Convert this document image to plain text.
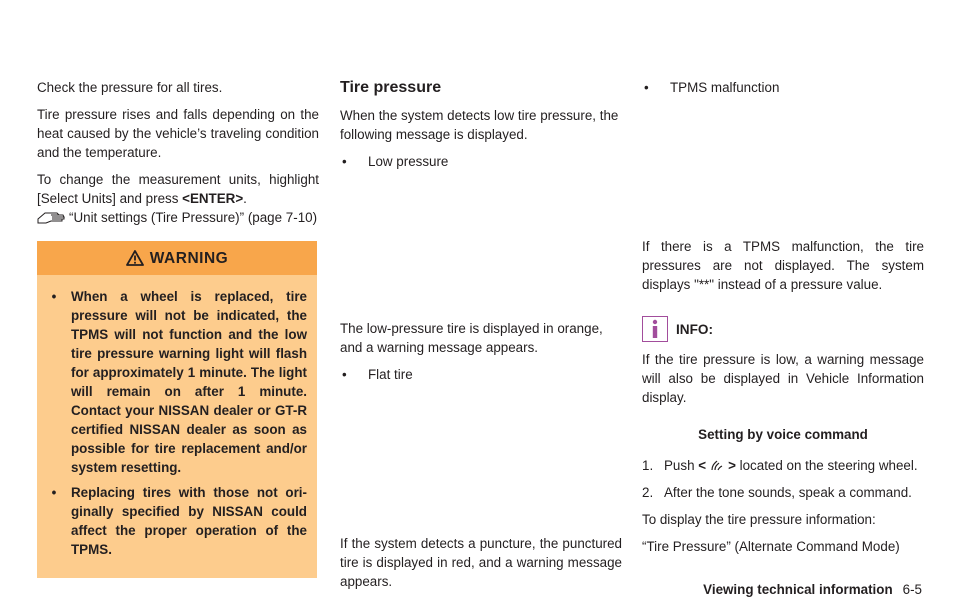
Check the pressure for all tires.

Tire pressure rises and falls depending on the heat caused by the vehicle’s traveling condition and the temperature.

To change the measurement units, highlight [Select Units] and press <ENTER>.

“Unit settings (Tire Pressure)” (page 7-10)
WARNING
•	When a wheel is replaced, tire pressure will not be indicated, the TPMS will not function and the low tire pressure warning light will flash for approximately 1 minute. The light will remain on after 1 minute. Contact your NISSAN dealer or GT-R certified NISSAN dealer as soon as possible for tire replacement and/or system resetting.
•	Replacing tires with those not ori-ginally specified by NISSAN could affect the proper operation of the TPMS.
Tire pressure

When the system detects low tire pressure, the following message is displayed.

•	Low pressure

The low-pressure tire is displayed in orange, and a warning message appears.

•	Flat tire

If the system detects a puncture, the punctured tire is displayed in red, and a warning message appears.

•	TPMS malfunction

If there is a TPMS malfunction, the tire pressures are not displayed. The system displays "**" instead of a pressure value.

INFO:

If the tire pressure is low, a warning message will also be displayed in Vehicle Information display.

Setting by voice command

1. Push < > located on the steering wheel.
2. After the tone sounds, speak a command.

To display the tire pressure information:

“Tire Pressure” (Alternate Command Mode)

Viewing technical information 6-5
